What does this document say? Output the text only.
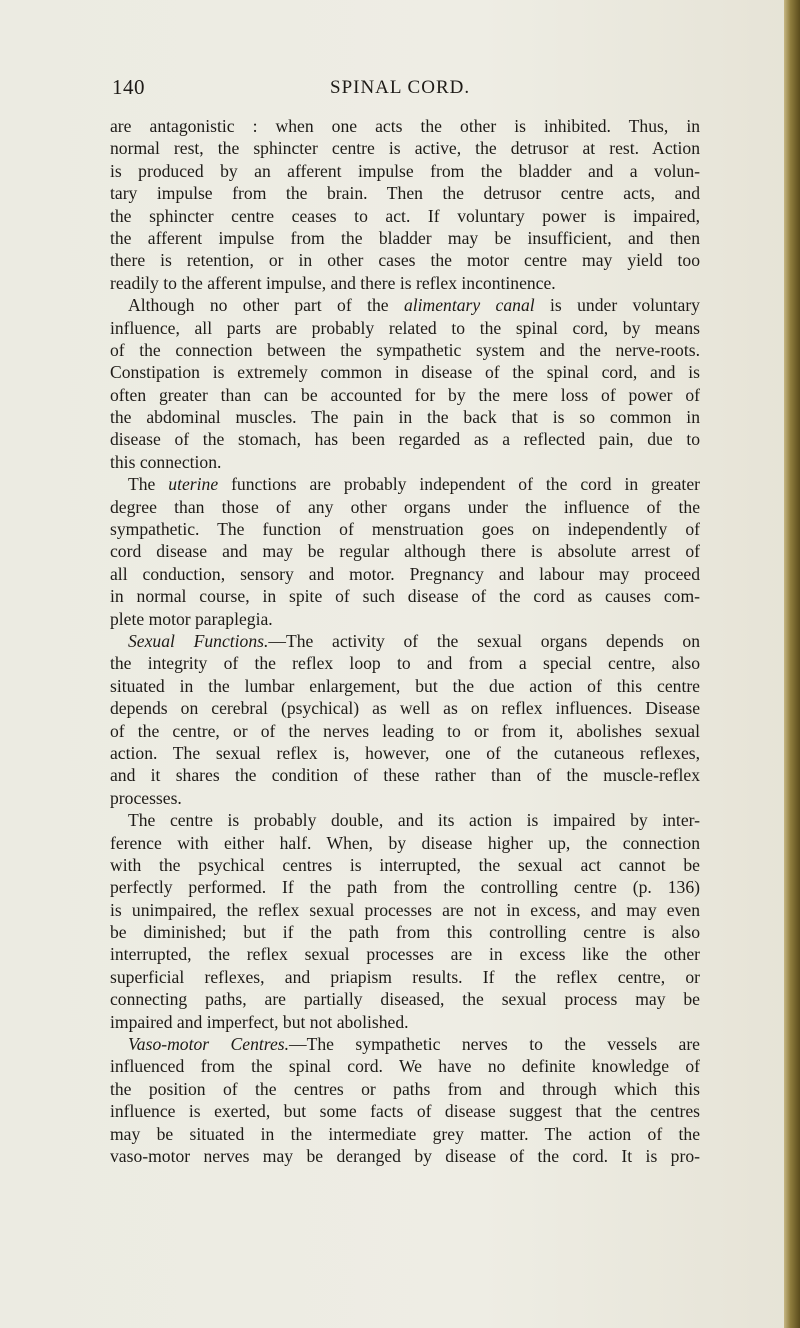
140	SPINAL CORD.
are antagonistic : when one acts the other is inhibited. Thus, in
normal rest, the sphincter centre is active, the detrusor at rest. Action
is produced by an afferent impulse from the bladder and a volun-
tary impulse from the brain. Then the detrusor centre acts, and
the sphincter centre ceases to act. If voluntary power is impaired,
the afferent impulse from the bladder may be insufficient, and then
there is retention, or in other cases the motor centre may yield too
readily to the afferent impulse, and there is reflex incontinence.
Although no other part of the alimentary canal is under voluntary
influence, all parts are probably related to the spinal cord, by means
of the connection between the sympathetic system and the nerve-roots.
Constipation is extremely common in disease of the spinal cord, and is
often greater than can be accounted for by the mere loss of power of
the abdominal muscles. The pain in the back that is so common in
disease of the stomach, has been regarded as a reflected pain, due to
this connection.
The uterine functions are probably independent of the cord in greater
degree than those of any other organs under the influence of the
sympathetic. The function of menstruation goes on independently of
cord disease and may be regular although there is absolute arrest of
all conduction, sensory and motor. Pregnancy and labour may proceed
in normal course, in spite of such disease of the cord as causes com-
plete motor paraplegia.
Sexual Functions.—The activity of the sexual organs depends on
the integrity of the reflex loop to and from a special centre, also
situated in the lumbar enlargement, but the due action of this centre
depends on cerebral (psychical) as well as on reflex influences. Disease
of the centre, or of the nerves leading to or from it, abolishes sexual
action. The sexual reflex is, however, one of the cutaneous reflexes,
and it shares the condition of these rather than of the muscle-reflex
processes.
The centre is probably double, and its action is impaired by inter-
ference with either half. When, by disease higher up, the connection
with the psychical centres is interrupted, the sexual act cannot be
perfectly performed. If the path from the controlling centre (p. 136)
is unimpaired, the reflex sexual processes are not in excess, and may even
be diminished; but if the path from this controlling centre is also
interrupted, the reflex sexual processes are in excess like the other
superficial reflexes, and priapism results. If the reflex centre, or
connecting paths, are partially diseased, the sexual process may be
impaired and imperfect, but not abolished.
Vaso-motor Centres.—The sympathetic nerves to the vessels are
influenced from the spinal cord. We have no definite knowledge of
the position of the centres or paths from and through which this
influence is exerted, but some facts of disease suggest that the centres
may be situated in the intermediate grey matter. The action of the
vaso-motor nerves may be deranged by disease of the cord. It is pro-
